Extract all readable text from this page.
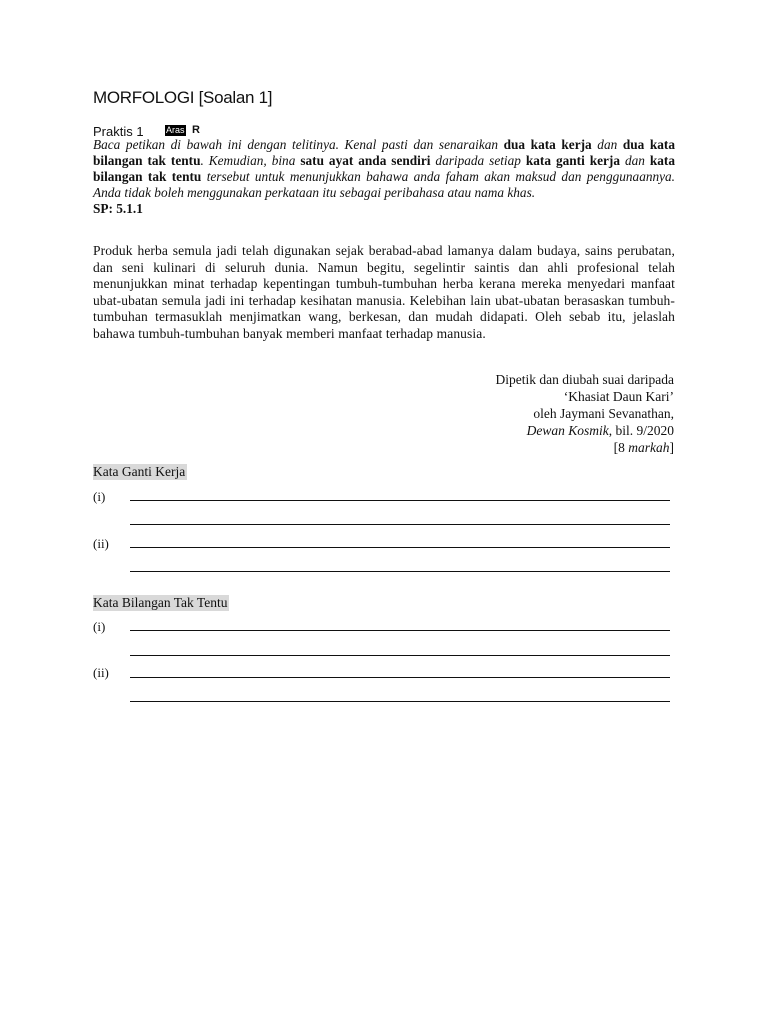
MORFOLOGI [Soalan 1]
Praktis 1 Aras R
Baca petikan di bawah ini dengan telitinya. Kenal pasti dan senaraikan dua kata kerja dan dua kata bilangan tak tentu. Kemudian, bina satu ayat anda sendiri daripada setiap kata ganti kerja dan kata bilangan tak tentu tersebut untuk menunjukkan bahawa anda faham akan maksud dan penggunaannya. Anda tidak boleh menggunakan perkataan itu sebagai peribahasa atau nama khas.
SP: 5.1.1
Produk herba semula jadi telah digunakan sejak berabad-abad lamanya dalam budaya, sains perubatan, dan seni kulinari di seluruh dunia. Namun begitu, segelintir saintis dan ahli profesional telah menunjukkan minat terhadap kepentingan tumbuh-tumbuhan herba kerana mereka menyedari manfaat ubat-ubatan semula jadi ini terhadap kesihatan manusia. Kelebihan lain ubat-ubatan berasaskan tumbuh-tumbuhan termasuklah menjimatkan wang, berkesan, dan mudah didapati. Oleh sebab itu, jelaslah bahawa tumbuh-tumbuhan banyak memberi manfaat terhadap manusia.
Dipetik dan diubah suai daripada
‘Khasiat Daun Kari’
oleh Jaymani Sevanathan,
Dewan Kosmik, bil. 9/2020
[8 markah]
Kata Ganti Kerja
(i)
(ii)
Kata Bilangan Tak Tentu
(i)
(ii)
